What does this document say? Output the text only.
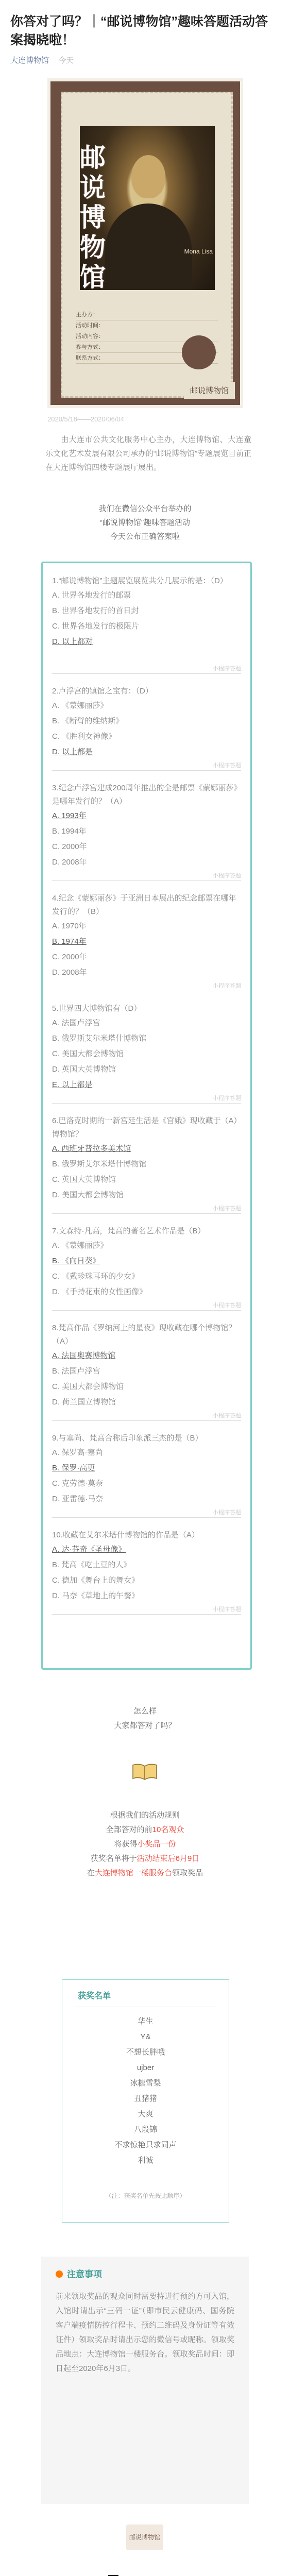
你答对了吗？｜“邮说博物馆”趣味答题活动答案揭晓啦！
大连博物馆 今天
邮说博物馆
Mona Lisa
主办方：
活动时间：
活动内容：
参与方式：
联系方式：
邮说博物馆
2020/5/18——2020/06/04
由大连市公共文化服务中心主办，大连博物馆、大连童乐文化艺术发展有限公司承办的“邮说博物馆”专题展览目前正在大连博物馆四楼专题展厅展出。
我们在微信公众平台举办的
“邮说博物馆”趣味答题活动
今天公布正确答案啦
1.“邮说博物馆”主题展览展览共分几展示的是：（D）
A. 世界各地发行的邮票
B. 世界各地发行的首日封
C. 世界各地发行的极限片
D. 以上都对
小程序答题
2.卢浮宫的镇馆之宝有：（D）
A. 《蒙娜丽莎》
B. 《断臂的维纳斯》
C. 《胜利女神像》
D. 以上都是
小程序答题
3.纪念卢浮宫建成200周年推出的全是邮票《蒙娜丽莎》是哪年发行的？（A）
A. 1993年
B. 1994年
C. 2000年
D. 2008年
小程序答题
4.纪念《蒙娜丽莎》于亚洲日本展出的纪念邮票在哪年发行的？（B）
A. 1970年
B. 1974年
C. 2000年
D. 2008年
小程序答题
5.世界四大博物馆有（D）
A. 法国卢浮宫
B. 俄罗斯艾尔米塔什博物馆
C. 美国大都会博物馆
D. 英国大英博物馆
E. 以上都是
小程序答题
6.巴洛克时期的一新宫廷生活是《宫娥》现收藏于（A）博物馆？
A. 西班牙普拉多美术馆
B. 俄罗斯艾尔米塔什博物馆
C. 英国大英博物馆
D. 美国大都会博物馆
小程序答题
7.文森特·凡高，梵高的著名艺术作品是（B）
A. 《蒙娜丽莎》
B. 《向日葵》
C. 《戴珍珠耳环的少女》
D. 《手持花束的女性画像》
小程序答题
8.梵高作品《罗纳河上的星夜》现收藏在哪个博物馆？（A）
A. 法国奥赛博物馆
B. 法国卢浮宫
C. 美国大都会博物馆
D. 荷兰国立博物馆
小程序答题
9.与塞尚、梵高合称后印象派三杰的是（B）
A. 保罗高·塞尚
B. 保罗·高更
C. 克劳德·莫奈
D. 亚雷德·马奈
小程序答题
10.收藏在艾尔米塔什博物馆的作品是（A）
A. 达·芬奇《圣母像》
B. 梵高《吃土豆的人》
C. 德加《舞台上的舞女》
D. 马奈《草地上的午餐》
小程序答题
怎么样
大家都答对了吗？
根据我们的活动规则
全部答对的前10名观众
将获得小奖品一份
获奖名单将于活动结束后6月9日
在大连博物馆一楼服务台领取奖品
获奖名单
华生
Y&
不想长胖哦
ujber
冰糖雪梨
丑猪猪
大爽
八段锦
不求惊艳只求同声
利诚
（注：获奖名单先按此顺序）
注意事项
前来领取奖品的观众同时需要持进行预约方可入馆，入馆时请出示“三码一证”（即市民云健康码、国务院客户端疫情防控行程卡、预约二维码及身份证等有效证件）领取奖品时请出示您的微信号或昵称。领取奖品地点：大连博物馆一楼服务台。领取奖品时间：即日起至2020年6月3日。
邮说博物馆
